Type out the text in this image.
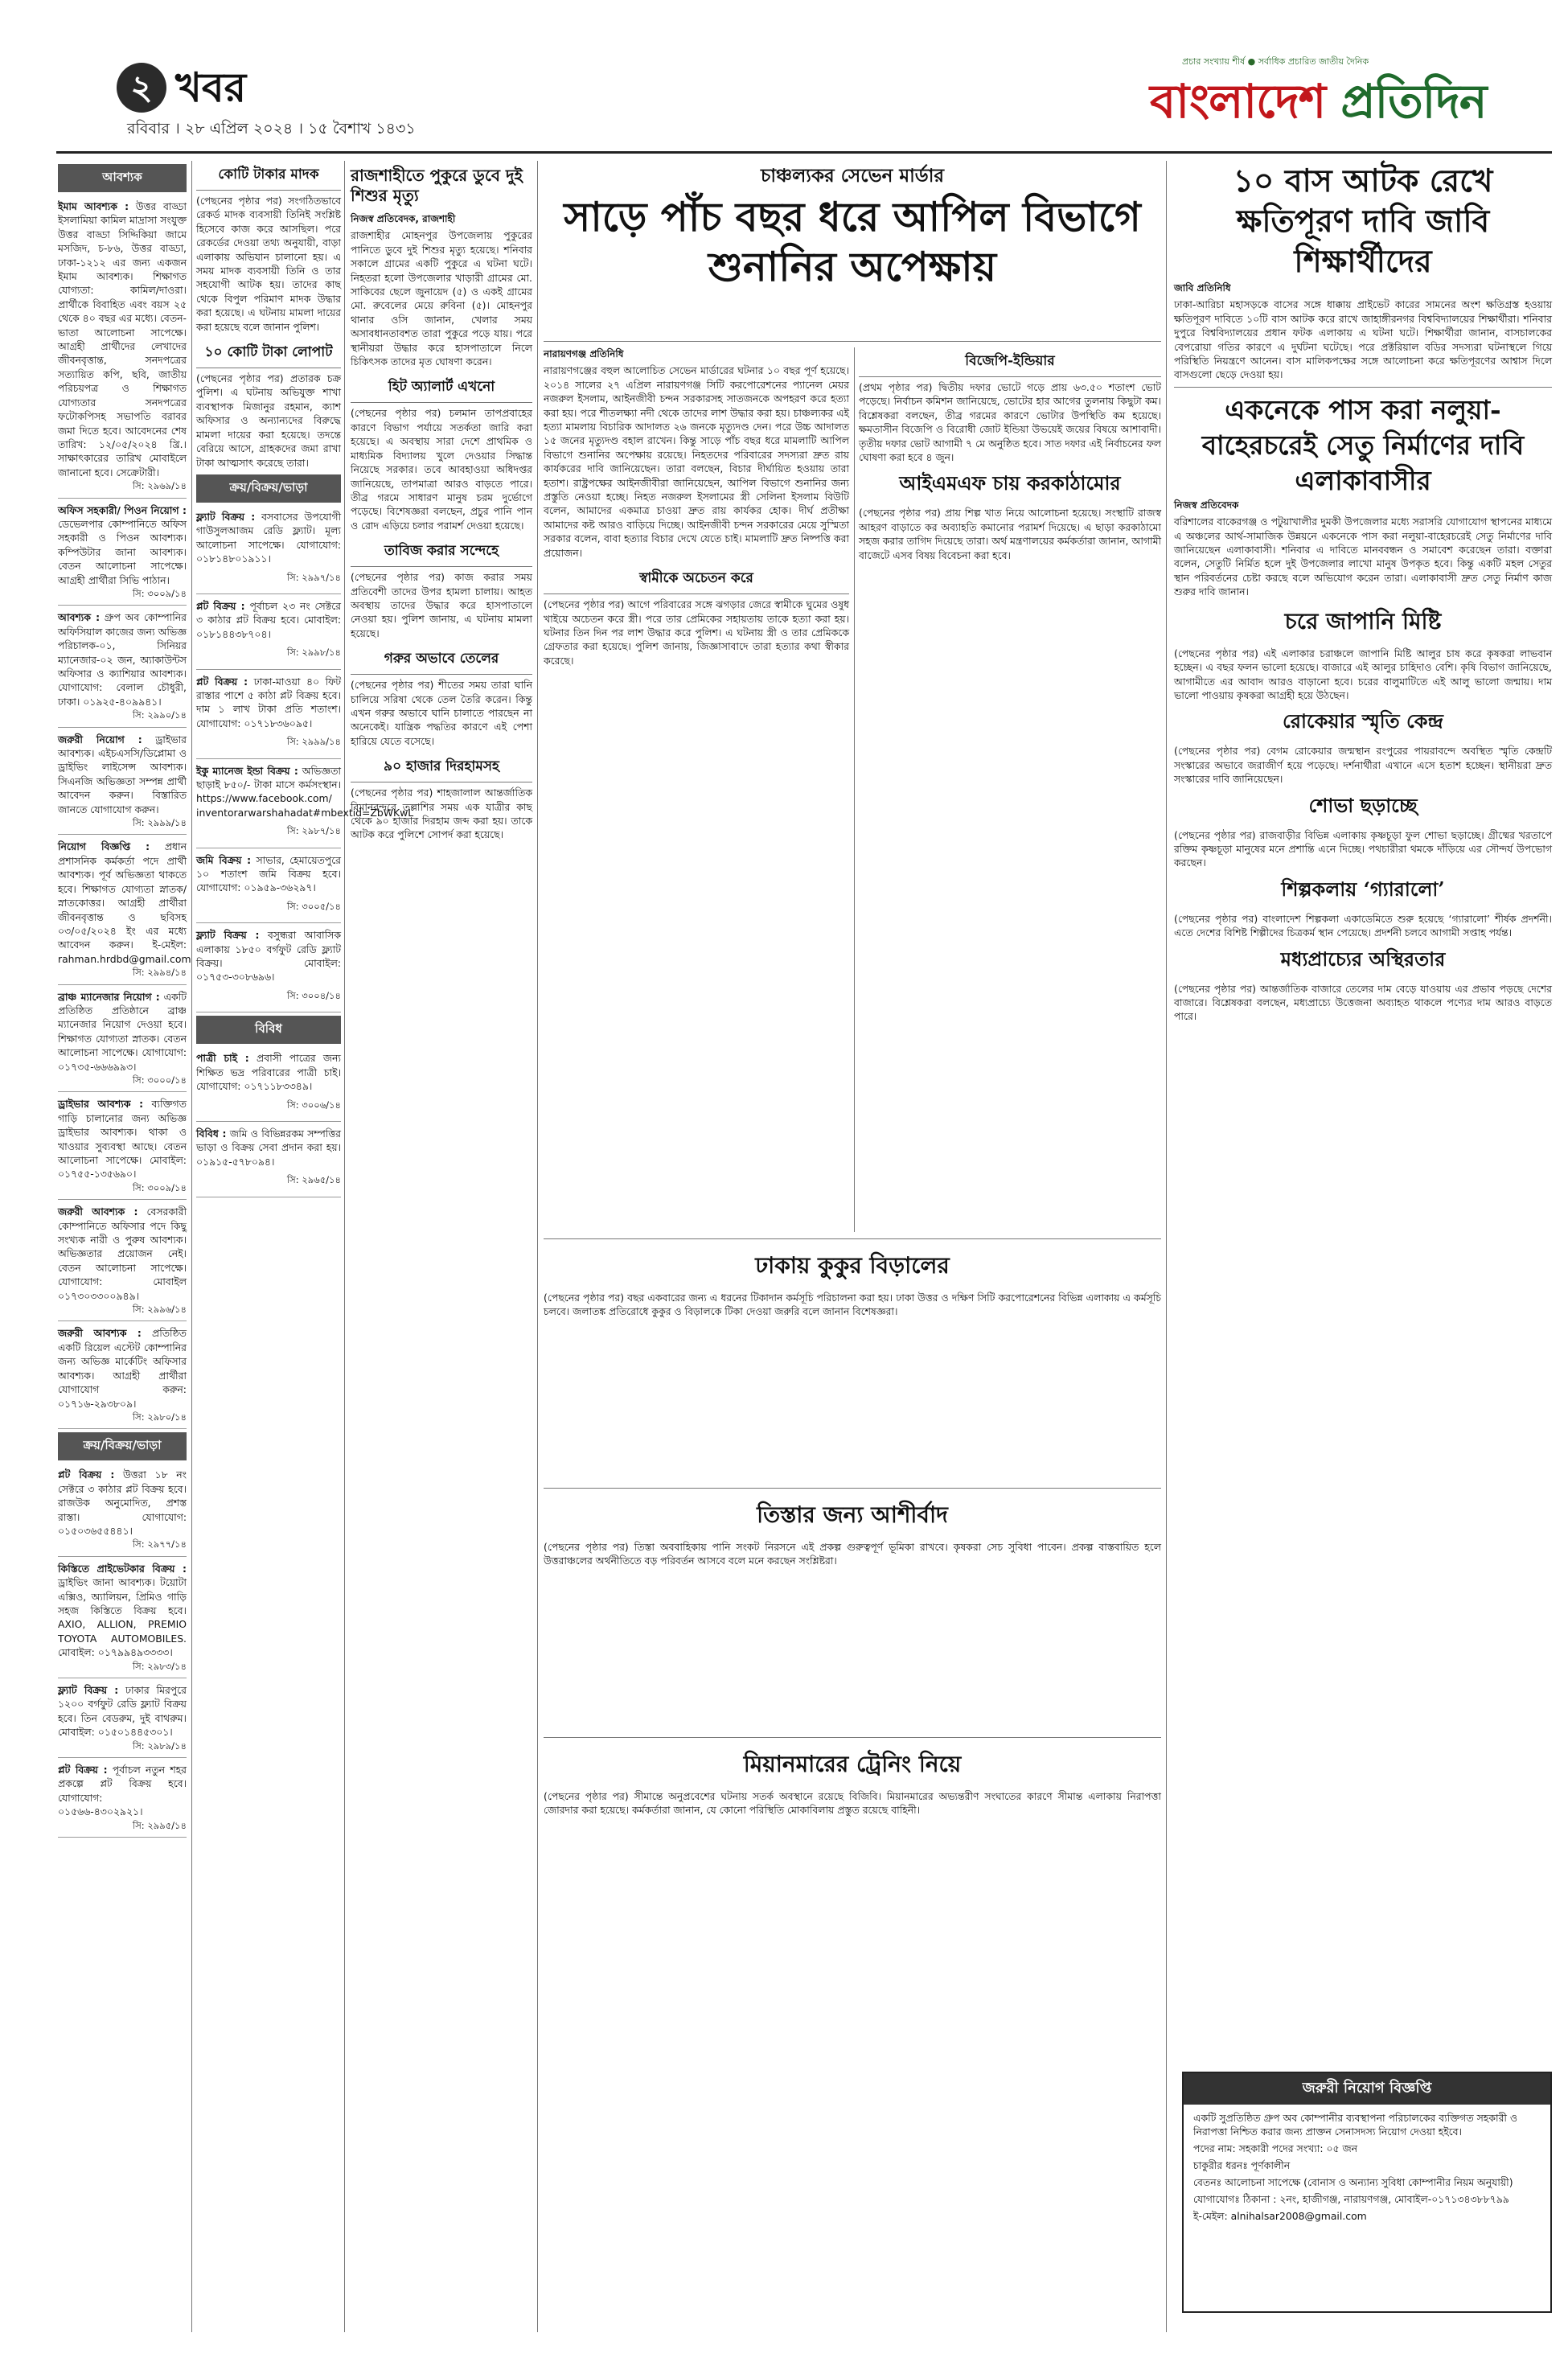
২ খবর
রবিবার । ২৮ এপ্রিল ২০২৪ । ১৫ বৈশাখ ১৪৩১
প্রচার সংখ্যায় শীর্ষ ● সর্বাধিক প্রচারিত জাতীয় দৈনিক
বাংলাদেশ প্রতিদিন
আবশ্যক

ইমাম আবশ্যক : উত্তর বাড্ডা ইসলামিয়া কামিল মাদ্রাসা সংযুক্ত উত্তর বাড্ডা সিদ্দিকিয়া জামে মসজিদ, চ-৮৬, উত্তর বাড্ডা, ঢাকা-১২১২ এর জন্য একজন ইমাম আবশ্যক। শিক্ষাগত যোগ্যতা: কামিল/দাওরা। প্রার্থীকে বিবাহিত এবং বয়স ২৫ থেকে ৪০ বছর এর মধ্যে। বেতন-ভাতা আলোচনা সাপেক্ষে। আগ্রহী প্রার্থীদের লেখাদের জীবনবৃত্তান্ত, সনদপত্রের সত্যায়িত কপি, ছবি, জাতীয় পরিচয়পত্র ও শিক্ষাগত যোগ্যতার সনদপত্রের ফটোকপিসহ সভাপতি বরাবর জমা দিতে হবে। আবেদনের শেষ তারিখ: ১২/০৫/২০২৪ খ্রি.। সাক্ষাৎকারের তারিখ মোবাইলে জানানো হবে। সেক্রেটারী।

সি: ২৯৬৯/১৪

অফিস সহকারী/ পিওন নিয়োগ : ডেভেলপার কোম্পানিতে অফিস সহকারী ও পিওন আবশ্যক। কম্পিউটার জানা আবশ্যক। বেতন আলোচনা সাপেক্ষে। আগ্রহী প্রার্থীরা সিভি পাঠান।

সি: ৩০০৯/১৪

আবশ্যক : গ্রুপ অব কোম্পানির অফিসিয়াল কাজের জন্য অভিজ্ঞ পরিচালক-০১, সিনিয়র ম্যানেজার-০২ জন, অ্যাকাউন্টস অফিসার ও ক্যাশিয়ার আবশ্যক। যোগাযোগ: বেলাল চৌধুরী, ঢাকা। ০১৯২৫-৪০৯৯৪১।

সি: ২৯৯০/১৪

জরুরী নিয়োগ : ড্রাইভার আবশ্যক। এইচএসসি/ডিপ্লোমা ও ড্রাইভিং লাইসেন্স আবশ্যক। সিএনজি অভিজ্ঞতা সম্পন্ন প্রার্থী আবেদন করুন। বিস্তারিত জানতে যোগাযোগ করুন।

সি: ২৯৯৯/১৪

নিয়োগ বিজ্ঞপ্তি : প্রধান প্রশাসনিক কর্মকর্তা পদে প্রার্থী আবশ্যক। পূর্ব অভিজ্ঞতা থাকতে হবে। শিক্ষাগত যোগ্যতা স্নাতক/স্নাতকোত্তর। আগ্রহী প্রার্থীরা জীবনবৃত্তান্ত ও ছবিসহ ০৩/০৫/২০২৪ ইং এর মধ্যে আবেদন করুন। ই-মেইল: rahman.hrdbd@gmail.com

সি: ২৯৯৪/১৪

ব্রাঞ্চ ম্যানেজার নিয়োগ : একটি প্রতিষ্ঠিত প্রতিষ্ঠানে ব্রাঞ্চ ম্যানেজার নিয়োগ দেওয়া হবে। শিক্ষাগত যোগ্যতা স্নাতক। বেতন আলোচনা সাপেক্ষে। যোগাযোগ: ০১৭৩৫-৬৬৬৯৯৩।

সি: ৩০০০/১৪

ড্রাইভার আবশ্যক : ব্যক্তিগত গাড়ি চালানোর জন্য অভিজ্ঞ ড্রাইভার আবশ্যক। থাকা ও খাওয়ার সুব্যবস্থা আছে। বেতন আলোচনা সাপেক্ষে। মোবাইল: ০১৭৫৫-১৩৫৬৯০।

সি: ৩০০৯/১৪

জরুরী আবশ্যক : বেসরকারী কোম্পানিতে অফিসার পদে কিছু সংখ্যক নারী ও পুরুষ আবশ্যক। অভিজ্ঞতার প্রয়োজন নেই। বেতন আলোচনা সাপেক্ষে। যোগাযোগ: মোবাইল ০১৭৩০৩৩০০৯৪৯।

সি: ২৯৯৬/১৪

জরুরী আবশ্যক : প্রতিষ্ঠিত একটি রিয়েল এস্টেট কোম্পানির জন্য অভিজ্ঞ মার্কেটিং অফিসার আবশ্যক। আগ্রহী প্রার্থীরা যোগাযোগ করুন: ০১৭১৬-২৯৩৮০৯।

সি: ২৯৮০/১৪

ক্রয়/বিক্রয়/ভাড়া

প্লট বিক্রয় : উত্তরা ১৮ নং সেক্টরে ৩ কাঠার প্লট বিক্রয় হবে। রাজউক অনুমোদিত, প্রশস্ত রাস্তা। যোগাযোগ: ০১৫০৩৬৫৫৪৪১।

সি: ২৯৭৭/১৪

কিস্তিতে প্রাইভেটকার বিক্রয় : ড্রাইভিং জানা আবশ্যক। টয়োটা এক্সিও, অ্যালিয়ন, প্রিমিও গাড়ি সহজ কিস্তিতে বিক্রয় হবে। AXIO, ALLION, PREMIO TOYOTA AUTOMOBILES. মোবাইল: ০১৭৯৯৪৯৩৩৩৩।

সি: ২৯৮৩/১৪

ফ্ল্যাট বিক্রয় : ঢাকার মিরপুরে ১২০০ বর্গফুট রেডি ফ্ল্যাট বিক্রয় হবে। তিন বেডরুম, দুই বাথরুম। মোবাইল: ০১৫০১৪৪৫৩০১।

সি: ২৯৮৯/১৪

প্লট বিক্রয় : পূর্বাচল নতুন শহর প্রকল্পে প্লট বিক্রয় হবে। যোগাযোগ: ০১৫৬৬-৪৩০২৯২১।

সি: ২৯৯৫/১৪

কোটি টাকার মাদক

(পেছনের পৃষ্ঠার পর) সংগঠিতভাবে রেকর্ড মাদক ব্যবসায়ী তিনিই সংশ্লিষ্ট হিসেবে কাজ করে আসছিল। পরে রেকর্ডের দেওয়া তথ্য অনুযায়ী, বাড়া এলাকায় অভিযান চালানো হয়। এ সময় মাদক ব্যবসায়ী তিনি ও তার সহযোগী আটক হয়। তাদের কাছ থেকে বিপুল পরিমাণ মাদক উদ্ধার করা হয়েছে। এ ঘটনায় মামলা দায়ের করা হয়েছে বলে জানান পুলিশ।

১০ কোটি টাকা লোপাট

(পেছনের পৃষ্ঠার পর) প্রতারক চক্র পুলিশ। এ ঘটনায় অভিযুক্ত শাখা ব্যবস্থাপক মিজানুর রহমান, ক্যাশ অফিসার ও অন্যান্যদের বিরুদ্ধে মামলা দায়ের করা হয়েছে। তদন্তে বেরিয়ে আসে, গ্রাহকদের জমা রাখা টাকা আত্মসাৎ করেছে তারা।

ক্রয়/বিক্রয়/ভাড়া

ফ্ল্যাট বিক্রয় : বসবাসের উপযোগী গাউসুলআজম রেডি ফ্ল্যাট। মূল্য আলোচনা সাপেক্ষে। যোগাযোগ: ০১৮১৪৮০১৯১১।

সি: ২৯৯৭/১৪

প্লট বিক্রয় : পূর্বাচল ২৩ নং সেক্টরে ৩ কাঠার প্লট বিক্রয় হবে। মোবাইল: ০১৮১৪৪৩৮৭০৪।

সি: ২৯৯৮/১৪

প্লট বিক্রয় : ঢাকা-মাওয়া ৪০ ফিট রাস্তার পাশে ৫ কাঠা প্লট বিক্রয় হবে। দাম ১ লাখ টাকা প্রতি শতাংশ। যোগাযোগ: ০১৭১৮৩৬০৯৫।

সি: ২৯৯৯/১৪

ইকু ম্যানেজ ইন্ডা বিক্রয় : অভিজ্ঞতা ছাড়াই ৮৫০/- টাকা মাসে কর্মসংস্থান। https://www.facebook.com/ inventorarwarshahadat#mbextid=ZbWKwL

সি: ২৯৮৭/১৪

জমি বিক্রয় : সাভার, হেমায়েতপুরে ১০ শতাংশ জমি বিক্রয় হবে। যোগাযোগ: ০১৯৫৯-৩৬২৯৭।

সি: ৩০০৫/১৪

ফ্ল্যাট বিক্রয় : বসুন্ধরা আবাসিক এলাকায় ১৮৫০ বর্গফুট রেডি ফ্ল্যাট বিক্রয়। মোবাইল: ০১৭৫৩-৩০৮৬৯৬।

সি: ৩০০৪/১৪

বিবিধ

পাত্রী চাই : প্রবাসী পাত্রের জন্য শিক্ষিত ভদ্র পরিবারের পাত্রী চাই। যোগাযোগ: ০১৭১১৮৩৩৪৯।

সি: ৩০০৬/১৪

বিবিধ : জমি ও বিভিন্নরকম সম্পত্তির ভাড়া ও বিক্রয় সেবা প্রদান করা হয়। ০১৯১৫-৫৭৮০৯৪।

সি: ২৯৬৫/১৪

রাজশাহীতে পুকুরে ডুবে দুই শিশুর মৃত্যু
নিজস্ব প্রতিবেদক, রাজশাহী

রাজশাহীর মোহনপুর উপজেলায় পুকুরের পানিতে ডুবে দুই শিশুর মৃত্যু হয়েছে। শনিবার সকালে গ্রামের একটি পুকুরে এ ঘটনা ঘটে। নিহতরা হলো উপজেলার খাড়ারী গ্রামের মো. সাকিবের ছেলে জুনায়েদ (৫) ও একই গ্রামের মো. রুবেলের মেয়ে রুবিনা (৫)। মোহনপুর থানার ওসি জানান, খেলার সময় অসাবধানতাবশত তারা পুকুরে পড়ে যায়। পরে স্থানীয়রা উদ্ধার করে হাসপাতালে নিলে চিকিৎসক তাদের মৃত ঘোষণা করেন।

হিট অ্যালার্ট এখনো

(পেছনের পৃষ্ঠার পর) চলমান তাপপ্রবাহের কারণে বিভাগ পর্যায়ে সতর্কতা জারি করা হয়েছে। এ অবস্থায় সারা দেশে প্রাথমিক ও মাধ্যমিক বিদ্যালয় খুলে দেওয়ার সিদ্ধান্ত নিয়েছে সরকার। তবে আবহাওয়া অধিদপ্তর জানিয়েছে, তাপমাত্রা আরও বাড়তে পারে। তীব্র গরমে সাধারণ মানুষ চরম দুর্ভোগে পড়েছে। বিশেষজ্ঞরা বলছেন, প্রচুর পানি পান ও রোদ এড়িয়ে চলার পরামর্শ দেওয়া হয়েছে।

তাবিজ করার সন্দেহে

(পেছনের পৃষ্ঠার পর) কাজ করার সময় প্রতিবেশী তাদের উপর হামলা চালায়। আহত অবস্থায় তাদের উদ্ধার করে হাসপাতালে নেওয়া হয়। পুলিশ জানায়, এ ঘটনায় মামলা হয়েছে।

গরুর অভাবে তেলের

(পেছনের পৃষ্ঠার পর) শীতের সময় তারা ঘানি চালিয়ে সরিষা থেকে তেল তৈরি করেন। কিন্তু এখন গরুর অভাবে ঘানি চালাতে পারছেন না অনেকেই। যান্ত্রিক পদ্ধতির কারণে এই পেশা হারিয়ে যেতে বসেছে।

৯০ হাজার দিরহামসহ

(পেছনের পৃষ্ঠার পর) শাহজালাল আন্তর্জাতিক বিমানবন্দরে তল্লাশির সময় এক যাত্রীর কাছ থেকে ৯০ হাজার দিরহাম জব্দ করা হয়। তাকে আটক করে পুলিশে সোপর্দ করা হয়েছে।

চাঞ্চল্যকর সেভেন মার্ডার
সাড়ে পাঁচ বছর ধরে আপিল বিভাগে শুনানির অপেক্ষায়
নারায়ণগঞ্জ প্রতিনিধি

নারায়ণগঞ্জের বহুল আলোচিত সেভেন মার্ডারের ঘটনার ১০ বছর পূর্ণ হয়েছে। ২০১৪ সালের ২৭ এপ্রিল নারায়ণগঞ্জ সিটি করপোরেশনের প্যানেল মেয়র নজরুল ইসলাম, আইনজীবী চন্দন সরকারসহ সাতজনকে অপহরণ করে হত্যা করা হয়। পরে শীতলক্ষ্যা নদী থেকে তাদের লাশ উদ্ধার করা হয়। চাঞ্চল্যকর এই হত্যা মামলায় বিচারিক আদালত ২৬ জনকে মৃত্যুদণ্ড দেন। পরে উচ্চ আদালত ১৫ জনের মৃত্যুদণ্ড বহাল রাখেন। কিন্তু সাড়ে পাঁচ বছর ধরে মামলাটি আপিল বিভাগে শুনানির অপেক্ষায় রয়েছে। নিহতদের পরিবারের সদস্যরা দ্রুত রায় কার্যকরের দাবি জানিয়েছেন। তারা বলছেন, বিচার দীর্ঘায়িত হওয়ায় তারা হতাশ। রাষ্ট্রপক্ষের আইনজীবীরা জানিয়েছেন, আপিল বিভাগে শুনানির জন্য প্রস্তুতি নেওয়া হচ্ছে। নিহত নজরুল ইসলামের স্ত্রী সেলিনা ইসলাম বিউটি বলেন, আমাদের একমাত্র চাওয়া দ্রুত রায় কার্যকর হোক। দীর্ঘ প্রতীক্ষা আমাদের কষ্ট আরও বাড়িয়ে দিচ্ছে। আইনজীবী চন্দন সরকারের মেয়ে সুস্মিতা সরকার বলেন, বাবা হত্যার বিচার দেখে যেতে চাই। মামলাটি দ্রুত নিষ্পত্তি করা প্রয়োজন।

স্বামীকে অচেতন করে

(পেছনের পৃষ্ঠার পর) আগে পরিবারের সঙ্গে ঝগড়ার জেরে স্বামীকে ঘুমের ওষুধ খাইয়ে অচেতন করে স্ত্রী। পরে তার প্রেমিকের সহায়তায় তাকে হত্যা করা হয়। ঘটনার তিন দিন পর লাশ উদ্ধার করে পুলিশ। এ ঘটনায় স্ত্রী ও তার প্রেমিককে গ্রেফতার করা হয়েছে। পুলিশ জানায়, জিজ্ঞাসাবাদে তারা হত্যার কথা স্বীকার করেছে।

বিজেপি-ইন্ডিয়ার

(প্রথম পৃষ্ঠার পর) দ্বিতীয় দফার ভোটে গড়ে প্রায় ৬৩.৫০ শতাংশ ভোট পড়েছে। নির্বাচন কমিশন জানিয়েছে, ভোটের হার আগের তুলনায় কিছুটা কম। বিশ্লেষকরা বলছেন, তীব্র গরমের কারণে ভোটার উপস্থিতি কম হয়েছে। ক্ষমতাসীন বিজেপি ও বিরোধী জোট ইন্ডিয়া উভয়েই জয়ের বিষয়ে আশাবাদী। তৃতীয় দফার ভোট আগামী ৭ মে অনুষ্ঠিত হবে। সাত দফার এই নির্বাচনের ফল ঘোষণা করা হবে ৪ জুন।

আইএমএফ চায় করকাঠামোর

(পেছনের পৃষ্ঠার পর) প্রায় শিল্প খাত নিয়ে আলোচনা হয়েছে। সংস্থাটি রাজস্ব আহরণ বাড়াতে কর অব্যাহতি কমানোর পরামর্শ দিয়েছে। এ ছাড়া করকাঠামো সহজ করার তাগিদ দিয়েছে তারা। অর্থ মন্ত্রণালয়ের কর্মকর্তারা জানান, আগামী বাজেটে এসব বিষয় বিবেচনা করা হবে।

ঢাকায় কুকুর বিড়ালের

(পেছনের পৃষ্ঠার পর) বছর একবারের জন্য এ ধরনের টিকাদান কর্মসূচি পরিচালনা করা হয়। ঢাকা উত্তর ও দক্ষিণ সিটি করপোরেশনের বিভিন্ন এলাকায় এ কর্মসূচি চলবে। জলাতঙ্ক প্রতিরোধে কুকুর ও বিড়ালকে টিকা দেওয়া জরুরি বলে জানান বিশেষজ্ঞরা।

তিস্তার জন্য আশীর্বাদ

(পেছনের পৃষ্ঠার পর) তিস্তা অববাহিকায় পানি সংকট নিরসনে এই প্রকল্প গুরুত্বপূর্ণ ভূমিকা রাখবে। কৃষকরা সেচ সুবিধা পাবেন। প্রকল্প বাস্তবায়িত হলে উত্তরাঞ্চলের অর্থনীতিতে বড় পরিবর্তন আসবে বলে মনে করছেন সংশ্লিষ্টরা।

মিয়ানমারের ট্রেনিং নিয়ে

(পেছনের পৃষ্ঠার পর) সীমান্তে অনুপ্রবেশের ঘটনায় সতর্ক অবস্থানে রয়েছে বিজিবি। মিয়ানমারের অভ্যন্তরীণ সংঘাতের কারণে সীমান্ত এলাকায় নিরাপত্তা জোরদার করা হয়েছে। কর্মকর্তারা জানান, যে কোনো পরিস্থিতি মোকাবিলায় প্রস্তুত রয়েছে বাহিনী।

১০ বাস আটক রেখে ক্ষতিপূরণ দাবি জাবি শিক্ষার্থীদের
জাবি প্রতিনিধি

ঢাকা-আরিচা মহাসড়কে বাসের সঙ্গে ধাক্কায় প্রাইভেট কারের সামনের অংশ ক্ষতিগ্রস্ত হওয়ায় ক্ষতিপূরণ দাবিতে ১০টি বাস আটক করে রাখে জাহাঙ্গীরনগর বিশ্ববিদ্যালয়ের শিক্ষার্থীরা। শনিবার দুপুরে বিশ্ববিদ্যালয়ের প্রধান ফটক এলাকায় এ ঘটনা ঘটে। শিক্ষার্থীরা জানান, বাসচালকের বেপরোয়া গতির কারণে এ দুর্ঘটনা ঘটেছে। পরে প্রক্টরিয়াল বডির সদস্যরা ঘটনাস্থলে গিয়ে পরিস্থিতি নিয়ন্ত্রণে আনেন। বাস মালিকপক্ষের সঙ্গে আলোচনা করে ক্ষতিপূরণের আশ্বাস দিলে বাসগুলো ছেড়ে দেওয়া হয়।

একনেকে পাস করা নলুয়া-বাহেরচরেই সেতু নির্মাণের দাবি এলাকাবাসীর
নিজস্ব প্রতিবেদক

বরিশালের বাকেরগঞ্জ ও পটুয়াখালীর দুমকী উপজেলার মধ্যে সরাসরি যোগাযোগ স্থাপনের মাধ্যমে এ অঞ্চলের আর্থ-সামাজিক উন্নয়নে একনেকে পাস করা নলুয়া-বাহেরচরেই সেতু নির্মাণের দাবি জানিয়েছেন এলাকাবাসী। শনিবার এ দাবিতে মানববন্ধন ও সমাবেশ করেছেন তারা। বক্তারা বলেন, সেতুটি নির্মিত হলে দুই উপজেলার লাখো মানুষ উপকৃত হবে। কিন্তু একটি মহল সেতুর স্থান পরিবর্তনের চেষ্টা করছে বলে অভিযোগ করেন তারা। এলাকাবাসী দ্রুত সেতু নির্মাণ কাজ শুরুর দাবি জানান।

চরে জাপানি মিষ্টি

(পেছনের পৃষ্ঠার পর) এই এলাকার চরাঞ্চলে জাপানি মিষ্টি আলুর চাষ করে কৃষকরা লাভবান হচ্ছেন। এ বছর ফলন ভালো হয়েছে। বাজারে এই আলুর চাহিদাও বেশি। কৃষি বিভাগ জানিয়েছে, আগামীতে এর আবাদ আরও বাড়ানো হবে। চরের বালুমাটিতে এই আলু ভালো জন্মায়। দাম ভালো পাওয়ায় কৃষকরা আগ্রহী হয়ে উঠছেন।

রোকেয়ার স্মৃতি কেন্দ্র

(পেছনের পৃষ্ঠার পর) বেগম রোকেয়ার জন্মস্থান রংপুরের পায়রাবন্দে অবস্থিত স্মৃতি কেন্দ্রটি সংস্কারের অভাবে জরাজীর্ণ হয়ে পড়েছে। দর্শনার্থীরা এখানে এসে হতাশ হচ্ছেন। স্থানীয়রা দ্রুত সংস্কারের দাবি জানিয়েছেন।

শোভা ছড়াচ্ছে

(পেছনের পৃষ্ঠার পর) রাজবাড়ীর বিভিন্ন এলাকায় কৃষ্ণচূড়া ফুল শোভা ছড়াচ্ছে। গ্রীষ্মের খরতাপে রক্তিম কৃষ্ণচূড়া মানুষের মনে প্রশান্তি এনে দিচ্ছে। পথচারীরা থমকে দাঁড়িয়ে এর সৌন্দর্য উপভোগ করছেন।

শিল্পকলায় ‘গ্যারালো’

(পেছনের পৃষ্ঠার পর) বাংলাদেশ শিল্পকলা একাডেমিতে শুরু হয়েছে ‘গ্যারালো’ শীর্ষক প্রদর্শনী। এতে দেশের বিশিষ্ট শিল্পীদের চিত্রকর্ম স্থান পেয়েছে। প্রদর্শনী চলবে আগামী সপ্তাহ পর্যন্ত।

মধ্যপ্রাচ্যের অস্থিরতার

(পেছনের পৃষ্ঠার পর) আন্তর্জাতিক বাজারে তেলের দাম বেড়ে যাওয়ায় এর প্রভাব পড়ছে দেশের বাজারে। বিশ্লেষকরা বলছেন, মধ্যপ্রাচ্যে উত্তেজনা অব্যাহত থাকলে পণ্যের দাম আরও বাড়তে পারে।

জরুরী নিয়োগ বিজ্ঞপ্তি

একটি সুপ্রতিষ্ঠিত গ্রুপ অব কোম্পানীর ব্যবস্থাপনা পরিচালকের ব্যক্তিগত সহকারী ও নিরাপত্তা নিশ্চিত করার জন্য প্রাক্তন সেনাসদস্য নিয়োগ দেওয়া হইবে।

পদের নাম: সহকারী পদের সংখ্যা: ০৫ জন

চাকুরীর ধরনঃ পূর্ণকালীন

বেতনঃ আলোচনা সাপেক্ষে (বোনাস ও অন্যান্য সুবিধা কোম্পানীর নিয়ম অনুযায়ী)

যোগাযোগঃ ঠিকানা : ২নং, হাজীগঞ্জ, নারায়ণগঞ্জ, মোবাইল-০১৭১৩৪৩৮৮৭৯৯

ই-মেইল: alnihalsar2008@gmail.com
